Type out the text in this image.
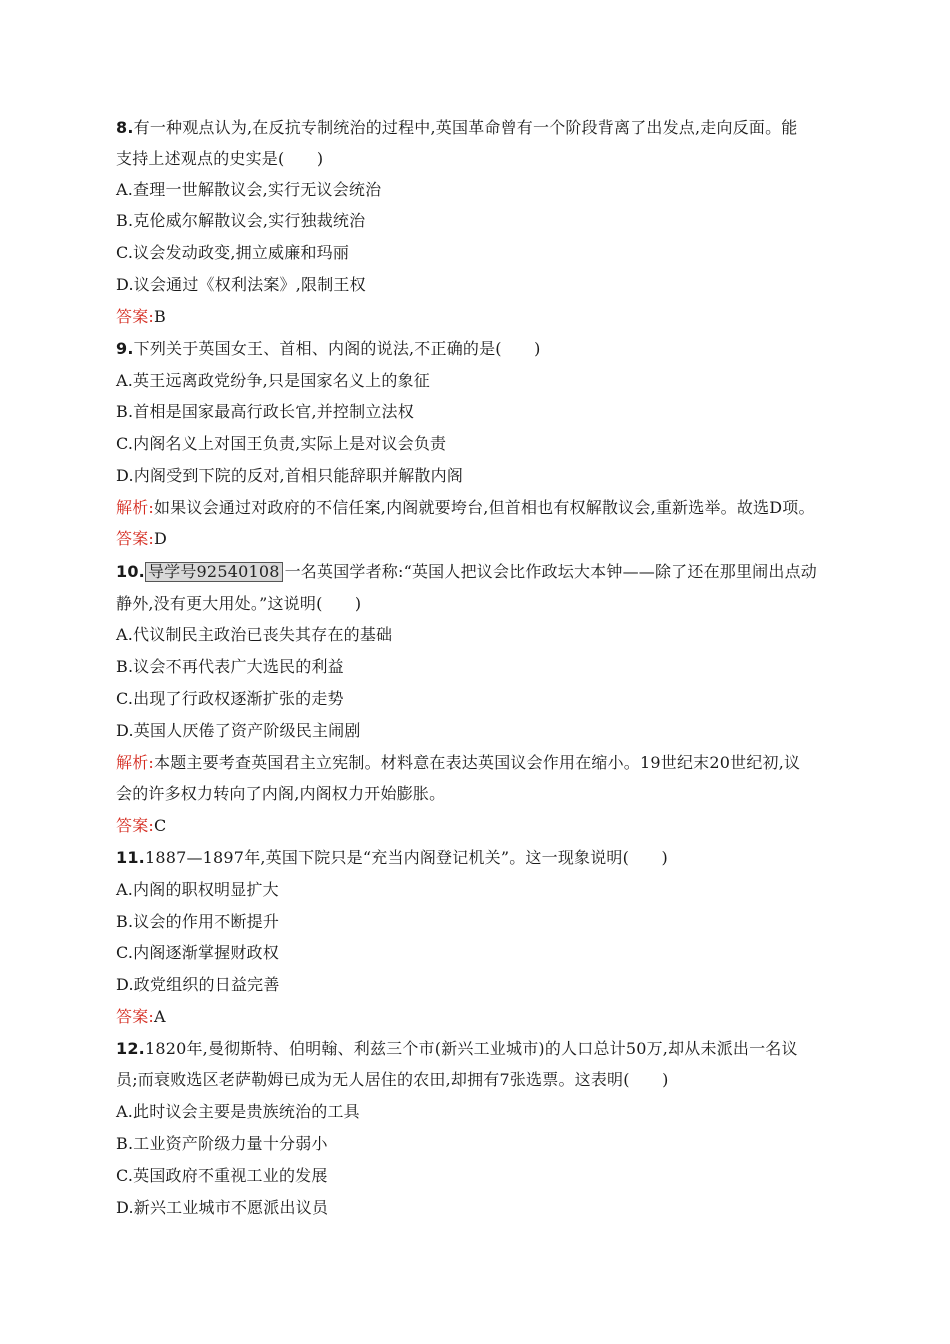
8.有一种观点认为,在反抗专制统治的过程中,英国革命曾有一个阶段背离了出发点,走向反面。能
支持上述观点的史实是(　　)
A.查理一世解散议会,实行无议会统治
B.克伦威尔解散议会,实行独裁统治
C.议会发动政变,拥立威廉和玛丽
D.议会通过《权利法案》,限制王权
答案:B
9.下列关于英国女王、首相、内阁的说法,不正确的是(　　)
A.英王远离政党纷争,只是国家名义上的象征
B.首相是国家最高行政长官,并控制立法权
C.内阁名义上对国王负责,实际上是对议会负责
D.内阁受到下院的反对,首相只能辞职并解散内阁
解析:如果议会通过对政府的不信任案,内阁就要垮台,但首相也有权解散议会,重新选举。故选D项。
答案:D
10. 导学号92540108 一名英国学者称:“英国人把议会比作政坛大本钟——除了还在那里闹出点动
静外,没有更大用处。”这说明(　　)
A.代议制民主政治已丧失其存在的基础
B.议会不再代表广大选民的利益
C.出现了行政权逐渐扩张的走势
D.英国人厌倦了资产阶级民主闹剧
解析:本题主要考查英国君主立宪制。材料意在表达英国议会作用在缩小。19世纪末20世纪初,议
会的许多权力转向了内阁,内阁权力开始膨胀。
答案:C
11.1887—1897年,英国下院只是“充当内阁登记机关”。这一现象说明(　　)
A.内阁的职权明显扩大
B.议会的作用不断提升
C.内阁逐渐掌握财政权
D.政党组织的日益完善
答案:A
12.1820年,曼彻斯特、伯明翰、利兹三个市(新兴工业城市)的人口总计50万,却从未派出一名议
员;而衰败选区老萨勒姆已成为无人居住的农田,却拥有7张选票。这表明(　　)
A.此时议会主要是贵族统治的工具
B.工业资产阶级力量十分弱小
C.英国政府不重视工业的发展
D.新兴工业城市不愿派出议员
